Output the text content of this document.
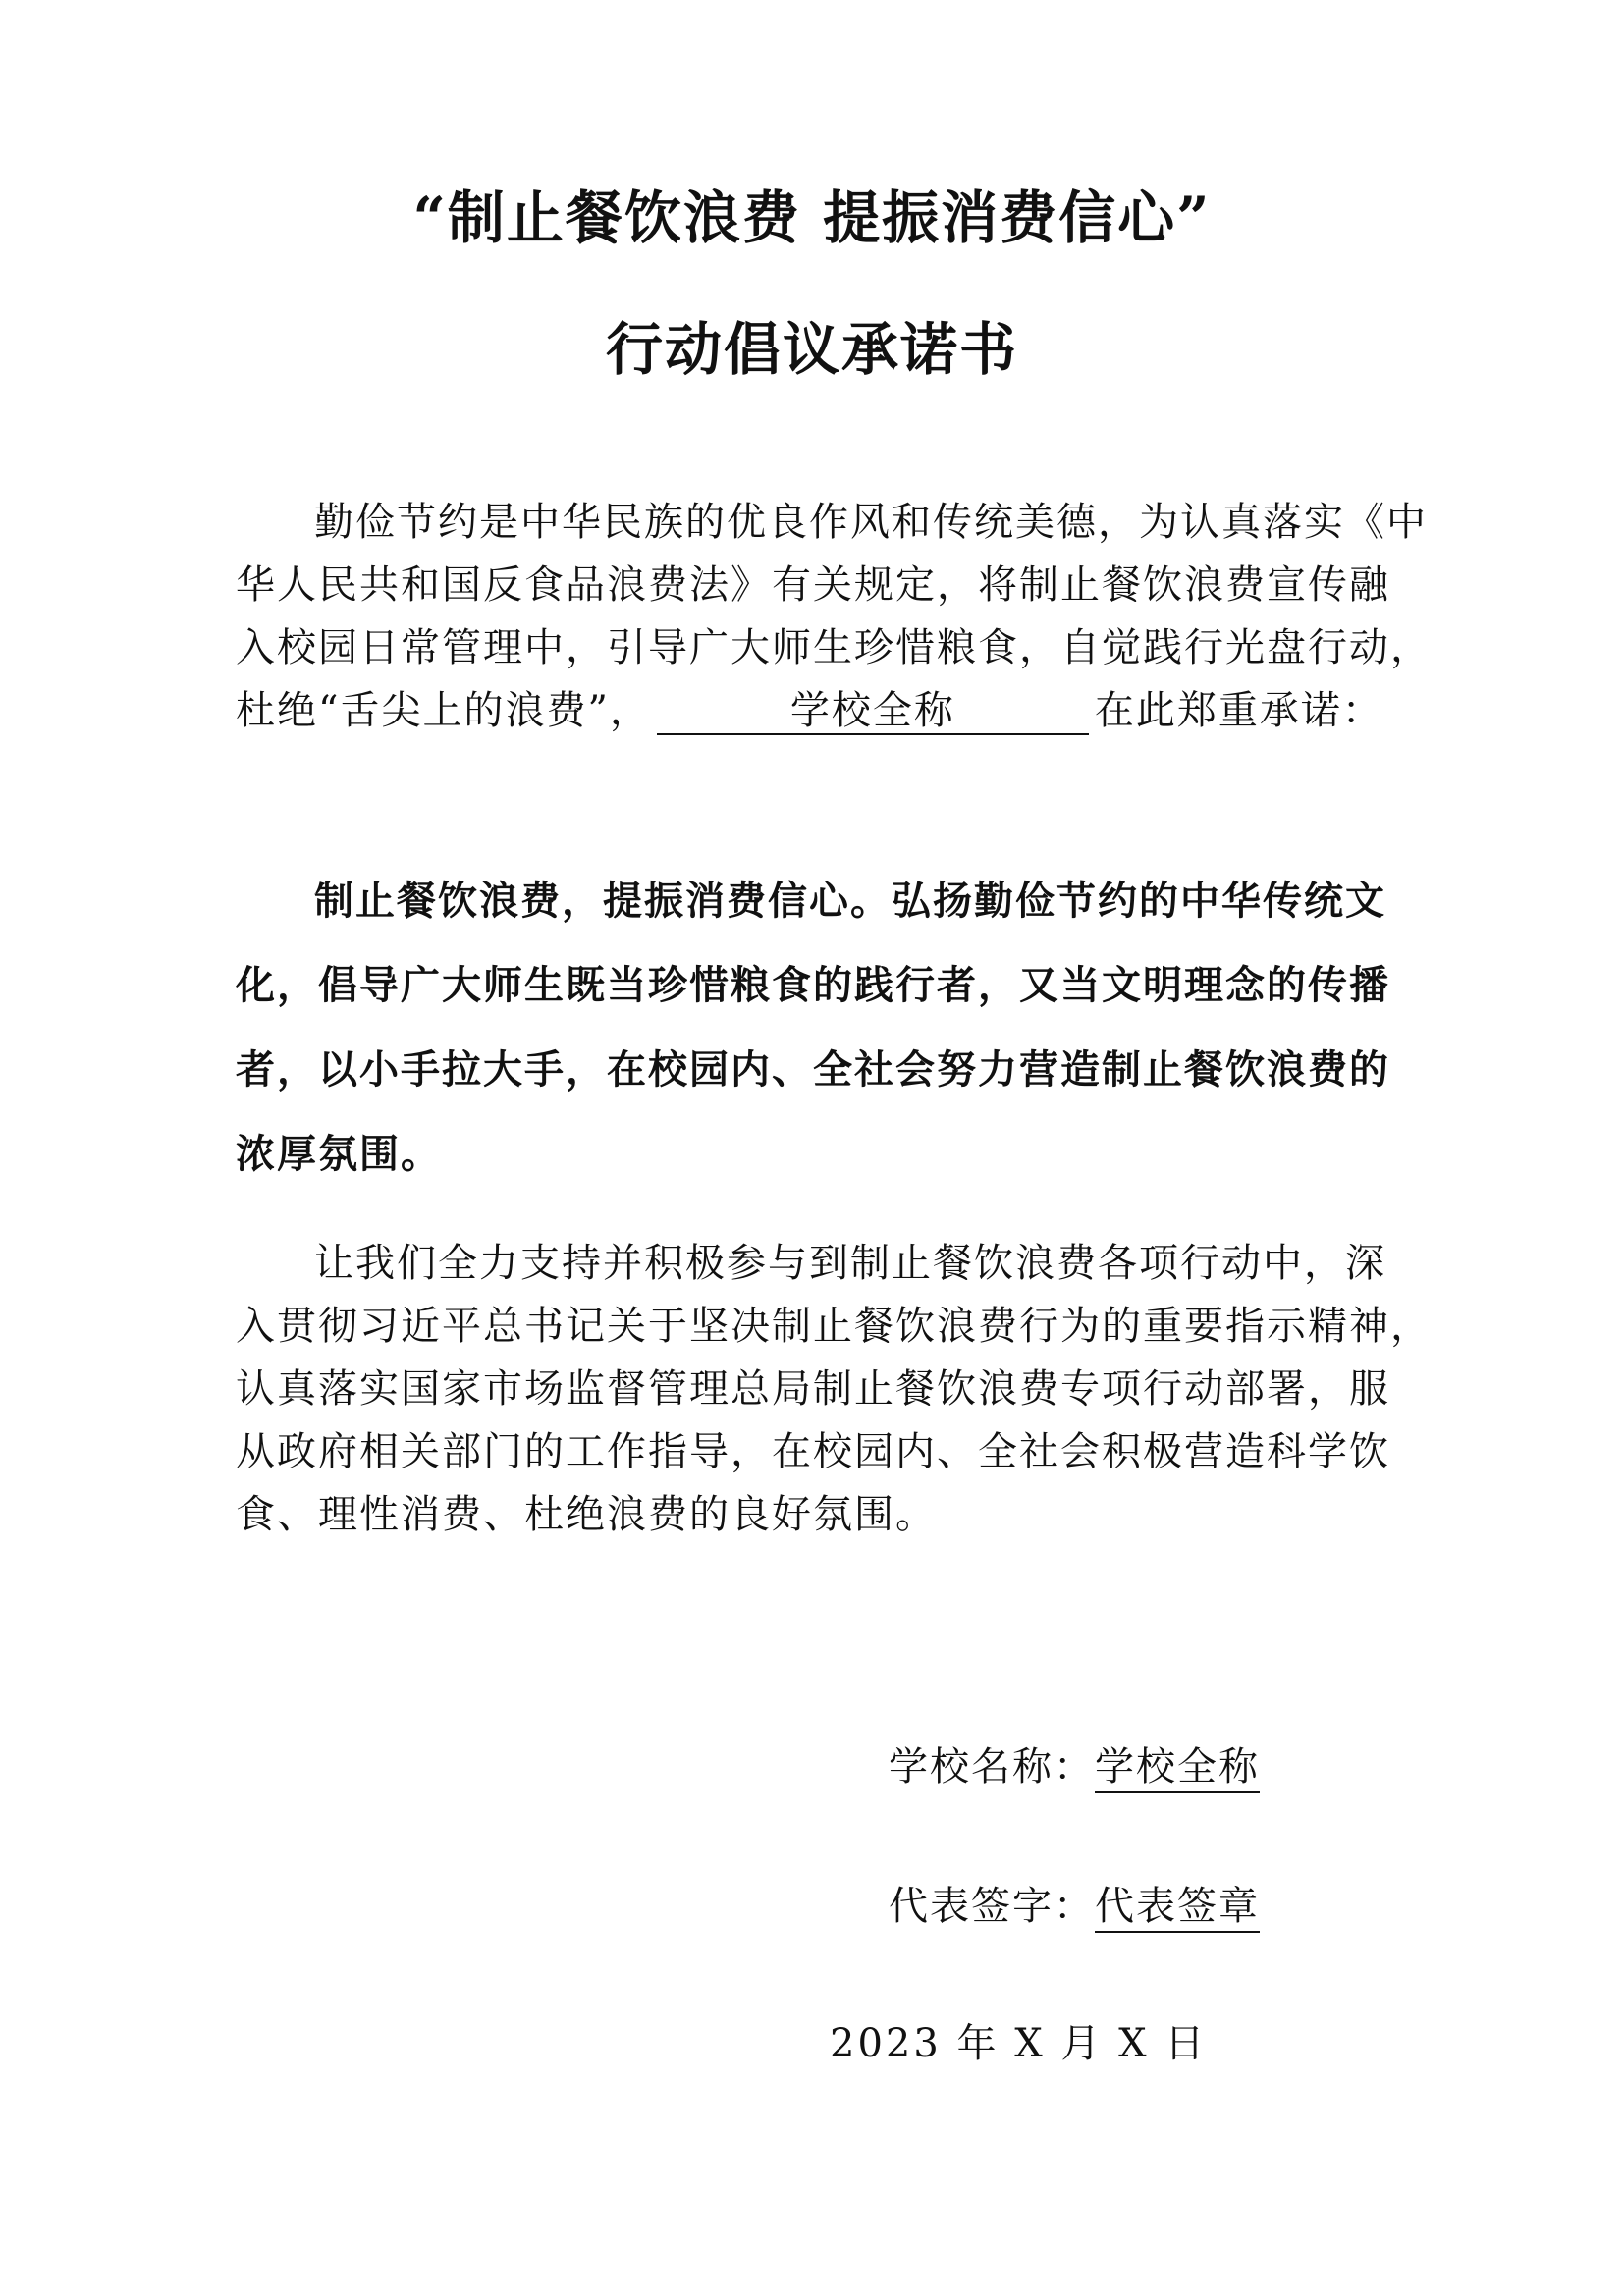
“制止餐饮浪费 提振消费信心”
行动倡议承诺书
勤俭节约是中华民族的优良作风和传统美德，为认真落实《中
华人民共和国反食品浪费法》有关规定，将制止餐饮浪费宣传融
入校园日常管理中，引导广大师生珍惜粮食，自觉践行光盘行动，
杜绝“舌尖上的浪费”，	学校全称	在此郑重承诺：
制止餐饮浪费，提振消费信心。弘扬勤俭节约的中华传统文
化，倡导广大师生既当珍惜粮食的践行者，又当文明理念的传播
者，以小手拉大手，在校园内、全社会努力营造制止餐饮浪费的
浓厚氛围。
让我们全力支持并积极参与到制止餐饮浪费各项行动中，深
入贯彻习近平总书记关于坚决制止餐饮浪费行为的重要指示精神，
认真落实国家市场监督管理总局制止餐饮浪费专项行动部署，服
从政府相关部门的工作指导，在校园内、全社会积极营造科学饮
食、理性消费、杜绝浪费的良好氛围。
学校名称：学校全称
代表签字：代表签章
2023 年 X 月 X 日
